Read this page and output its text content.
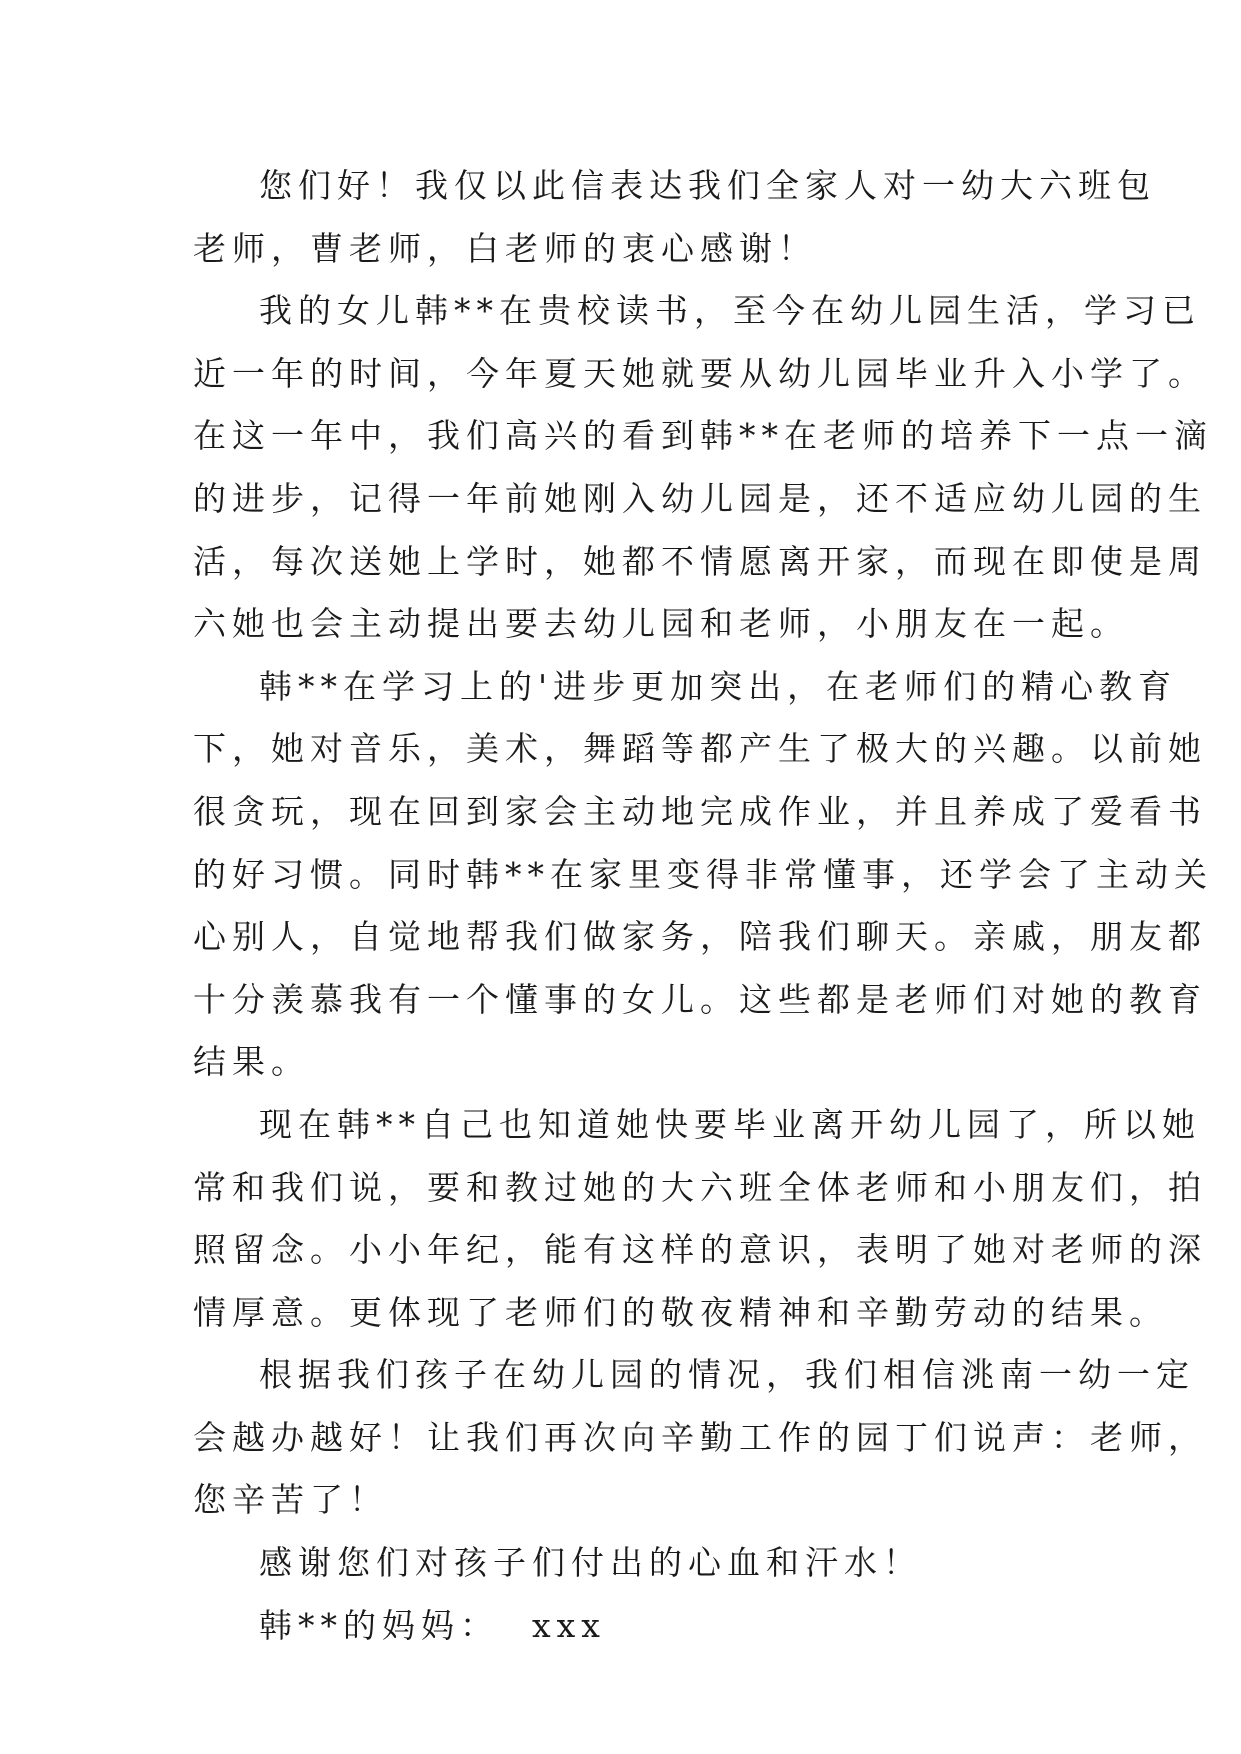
您们好！我仅以此信表达我们全家人对一幼大六班包
老师，曹老师，白老师的衷心感谢！
我的女儿韩**在贵校读书，至今在幼儿园生活，学习已
近一年的时间，今年夏天她就要从幼儿园毕业升入小学了。
在这一年中，我们高兴的看到韩**在老师的培养下一点一滴
的进步，记得一年前她刚入幼儿园是，还不适应幼儿园的生
活，每次送她上学时，她都不情愿离开家，而现在即使是周
六她也会主动提出要去幼儿园和老师，小朋友在一起。
韩**在学习上的'进步更加突出，在老师们的精心教育
下，她对音乐，美术，舞蹈等都产生了极大的兴趣。以前她
很贪玩，现在回到家会主动地完成作业，并且养成了爱看书
的好习惯。同时韩**在家里变得非常懂事，还学会了主动关
心别人，自觉地帮我们做家务，陪我们聊天。亲戚，朋友都
十分羡慕我有一个懂事的女儿。这些都是老师们对她的教育
结果。
现在韩**自己也知道她快要毕业离开幼儿园了，所以她
常和我们说，要和教过她的大六班全体老师和小朋友们，拍
照留念。小小年纪，能有这样的意识，表明了她对老师的深
情厚意。更体现了老师们的敬夜精神和辛勤劳动的结果。
根据我们孩子在幼儿园的情况，我们相信洮南一幼一定
会越办越好！让我们再次向辛勤工作的园丁们说声：老师，
您辛苦了！
感谢您们对孩子们付出的心血和汗水！
韩**的妈妈：  xxx
